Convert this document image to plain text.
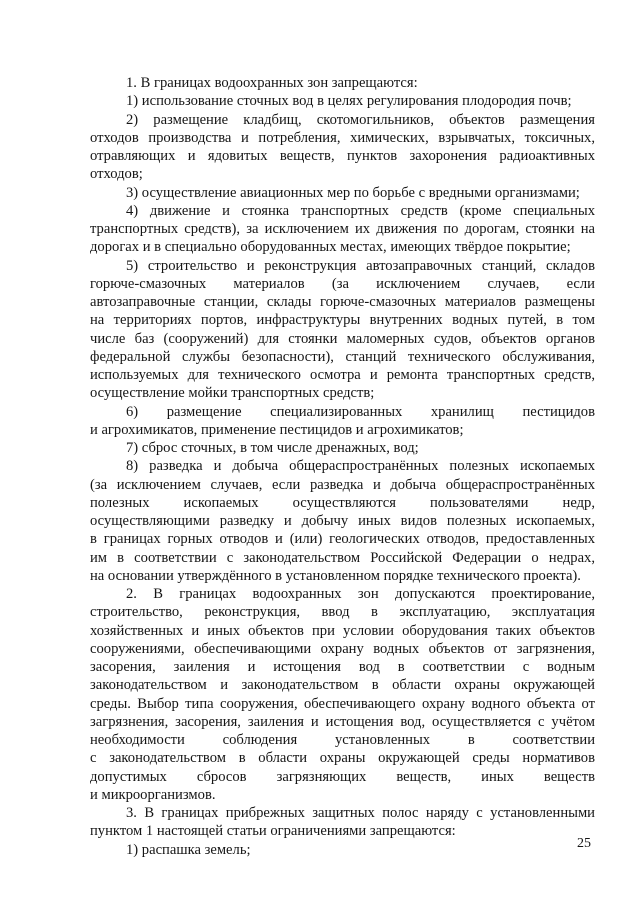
1. В границах водоохранных зон запрещаются:
1) использование сточных вод в целях регулирования плодородия почв;
2) размещение кладбищ, скотомогильников, объектов размещения
отходов производства и потребления, химических, взрывчатых, токсичных,
отравляющих и ядовитых веществ, пунктов захоронения радиоактивных
отходов;
3) осуществление авиационных мер по борьбе с вредными организмами;
4) движение и стоянка транспортных средств (кроме специальных
транспортных средств), за исключением их движения по дорогам, стоянки на
дорогах и в специально оборудованных местах, имеющих твёрдое покрытие;
5) строительство и реконструкция автозаправочных станций, складов
горюче-смазочных материалов (за исключением случаев, если
автозаправочные станции, склады горюче-смазочных материалов размещены
на территориях портов, инфраструктуры внутренних водных путей, в том
числе баз (сооружений) для стоянки маломерных судов, объектов органов
федеральной службы безопасности), станций технического обслуживания,
используемых для технического осмотра и ремонта транспортных средств,
осуществление мойки транспортных средств;
6) размещение специализированных хранилищ пестицидов
и агрохимикатов, применение пестицидов и агрохимикатов;
7) сброс сточных, в том числе дренажных, вод;
8) разведка и добыча общераспространённых полезных ископаемых
(за исключением случаев, если разведка и добыча общераспространённых
полезных ископаемых осуществляются пользователями недр,
осуществляющими разведку и добычу иных видов полезных ископаемых,
в границах горных отводов и (или) геологических отводов, предоставленных
им в соответствии с законодательством Российской Федерации о недрах,
на основании утверждённого в установленном порядке технического проекта).
2. В границах водоохранных зон допускаются проектирование,
строительство, реконструкция, ввод в эксплуатацию, эксплуатация
хозяйственных и иных объектов при условии оборудования таких объектов
сооружениями, обеспечивающими охрану водных объектов от загрязнения,
засорения, заиления и истощения вод в соответствии с водным
законодательством и законодательством в области охраны окружающей
среды. Выбор типа сооружения, обеспечивающего охрану водного объекта от
загрязнения, засорения, заиления и истощения вод, осуществляется с учётом
необходимости соблюдения установленных в соответствии
с законодательством в области охраны окружающей среды нормативов
допустимых сбросов загрязняющих веществ, иных веществ
и микроорганизмов.
3. В границах прибрежных защитных полос наряду с установленными
пунктом 1 настоящей статьи ограничениями запрещаются:
1) распашка земель;	25
